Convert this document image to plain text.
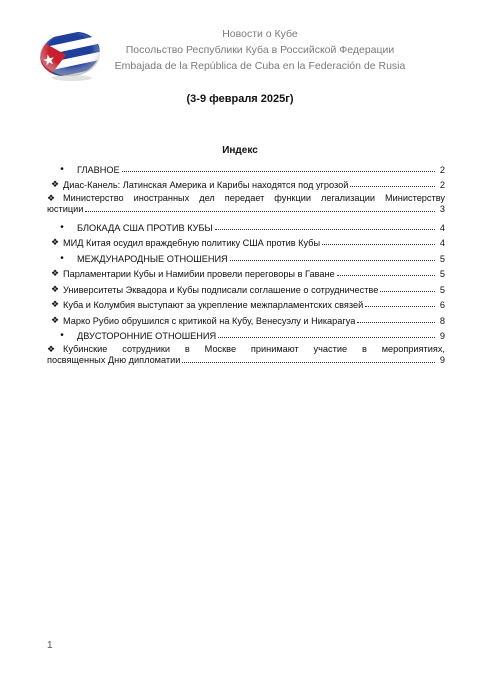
Новости о Кубе
Посольство Республики Куба в Российской Федерации
Embajada de la República de Cuba en la Federación de Rusia
(3-9 февраля 2025г)
Индекс
•	ГЛАВНОЕ	2
❖ Диас-Канель: Латинская Америка и Карибы находятся под угрозой	2
❖ Министерство иностранных дел передает функции легализации Министерству
юстиции	3
•	БЛОКАДА США ПРОТИВ КУБЫ	4
❖ МИД Китая осудил враждебную политику США против Кубы	4
•	МЕЖДУНАРОДНЫЕ ОТНОШЕНИЯ	5
❖ Парламентарии Кубы и Намибии провели переговоры в Гаване	5
❖ Университеты Эквадора и Кубы подписали соглашение о сотрудничестве	5
❖ Куба и Колумбия выступают за укрепление межпарламентских связей	6
❖ Марко Рубио обрушился с критикой на Кубу, Венесуэлу и Никарагуа	8
•	ДВУСТОРОННИЕ ОТНОШЕНИЯ	9
❖ Кубинские сотрудники в Москве принимают участие в мероприятиях,
посвященных Дню дипломатии	9
1
